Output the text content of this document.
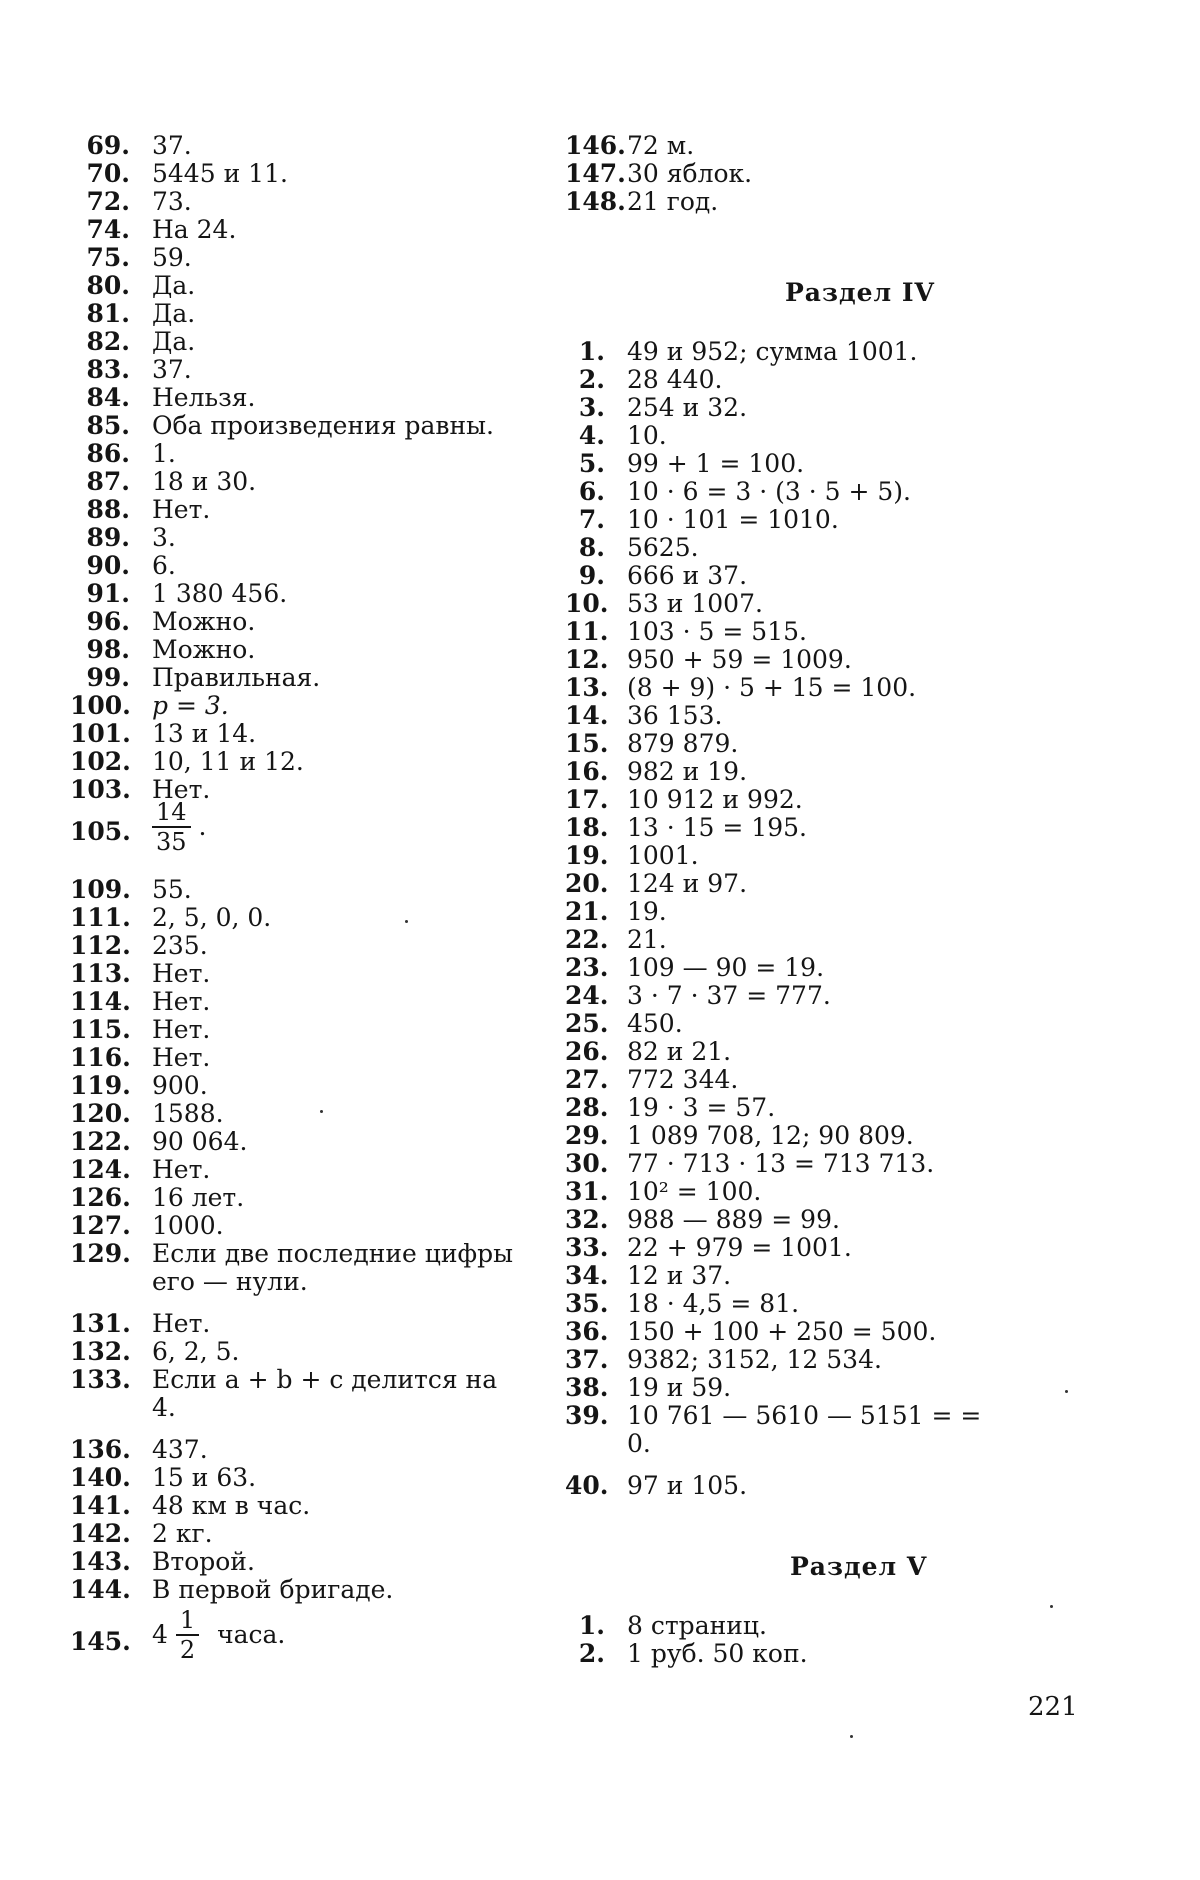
69. 37.
70. 5445 и 11.
72. 73.
74. На 24.
75. 59.
80. Да.
81. Да.
82. Да.
83. 37.
84. Нельзя.
85. Оба произведения равны.
86. 1.
87. 18 и 30.
88. Нет.
89. 3.
90. 6.
91. 1 380 456.
96. Можно.
98. Можно.
99. Правильная.
100. p = 3.
101. 13 и 14.
102. 10, 11 и 12.
103. Нет.
105. $\frac{14}{35}$ .
109. 55.
111. 2, 5, 0, 0.
112. 235.
113. Нет.
114. Нет.
115. Нет.
116. Нет.
119. 900.
120. 1588.
122. 90 064.
124. Нет.
126. 16 лет.
127. 1000.
129. Если две последние цифры его — нули.
131. Нет.
132. 6, 2, 5.
133. Если a + b + c делится на 4.
136. 437.
140. 15 и 63.
141. 48 км в час.
142. 2 кг.
143. Второй.
144. В первой бригаде.
145. $4 \frac{1}{2}$ часа.
146. 72 м.
147. 30 яблок.
148. 21 год.
Раздел IV
1. 49 и 952; сумма 1001.
2. 28 440.
3. 254 и 32.
4. 10.
5. 99 + 1 = 100.
6. 10 · 6 = 3 · (3 · 5 + 5).
7. 10 · 101 = 1010.
8. 5625.
9. 666 и 37.
10. 53 и 1007.
11. 103 · 5 = 515.
12. 950 + 59 = 1009.
13. (8 + 9) · 5 + 15 = 100.
14. 36 153.
15. 879 879.
16. 982 и 19.
17. 10 912 и 992.
18. 13 · 15 = 195.
19. 1001.
20. 124 и 97.
21. 19.
22. 21.
23. 109 — 90 = 19.
24. 3 · 7 · 37 = 777.
25. 450.
26. 82 и 21.
27. 772 344.
28. 19 · 3 = 57.
29. 1 089 708, 12; 90 809.
30. 77 · 713 · 13 = 713 713.
31. 10² = 100.
32. 988 — 889 = 99.
33. 22 + 979 = 1001.
34. 12 и 37.
35. 18 · 4,5 = 81.
36. 150 + 100 + 250 = 500.
37. 9382; 3152, 12 534.
38. 19 и 59.
39. 10 761 — 5610 — 5151 = = 0.
40. 97 и 105.
Раздел V
1. 8 страниц.
2. 1 руб. 50 коп.
221
